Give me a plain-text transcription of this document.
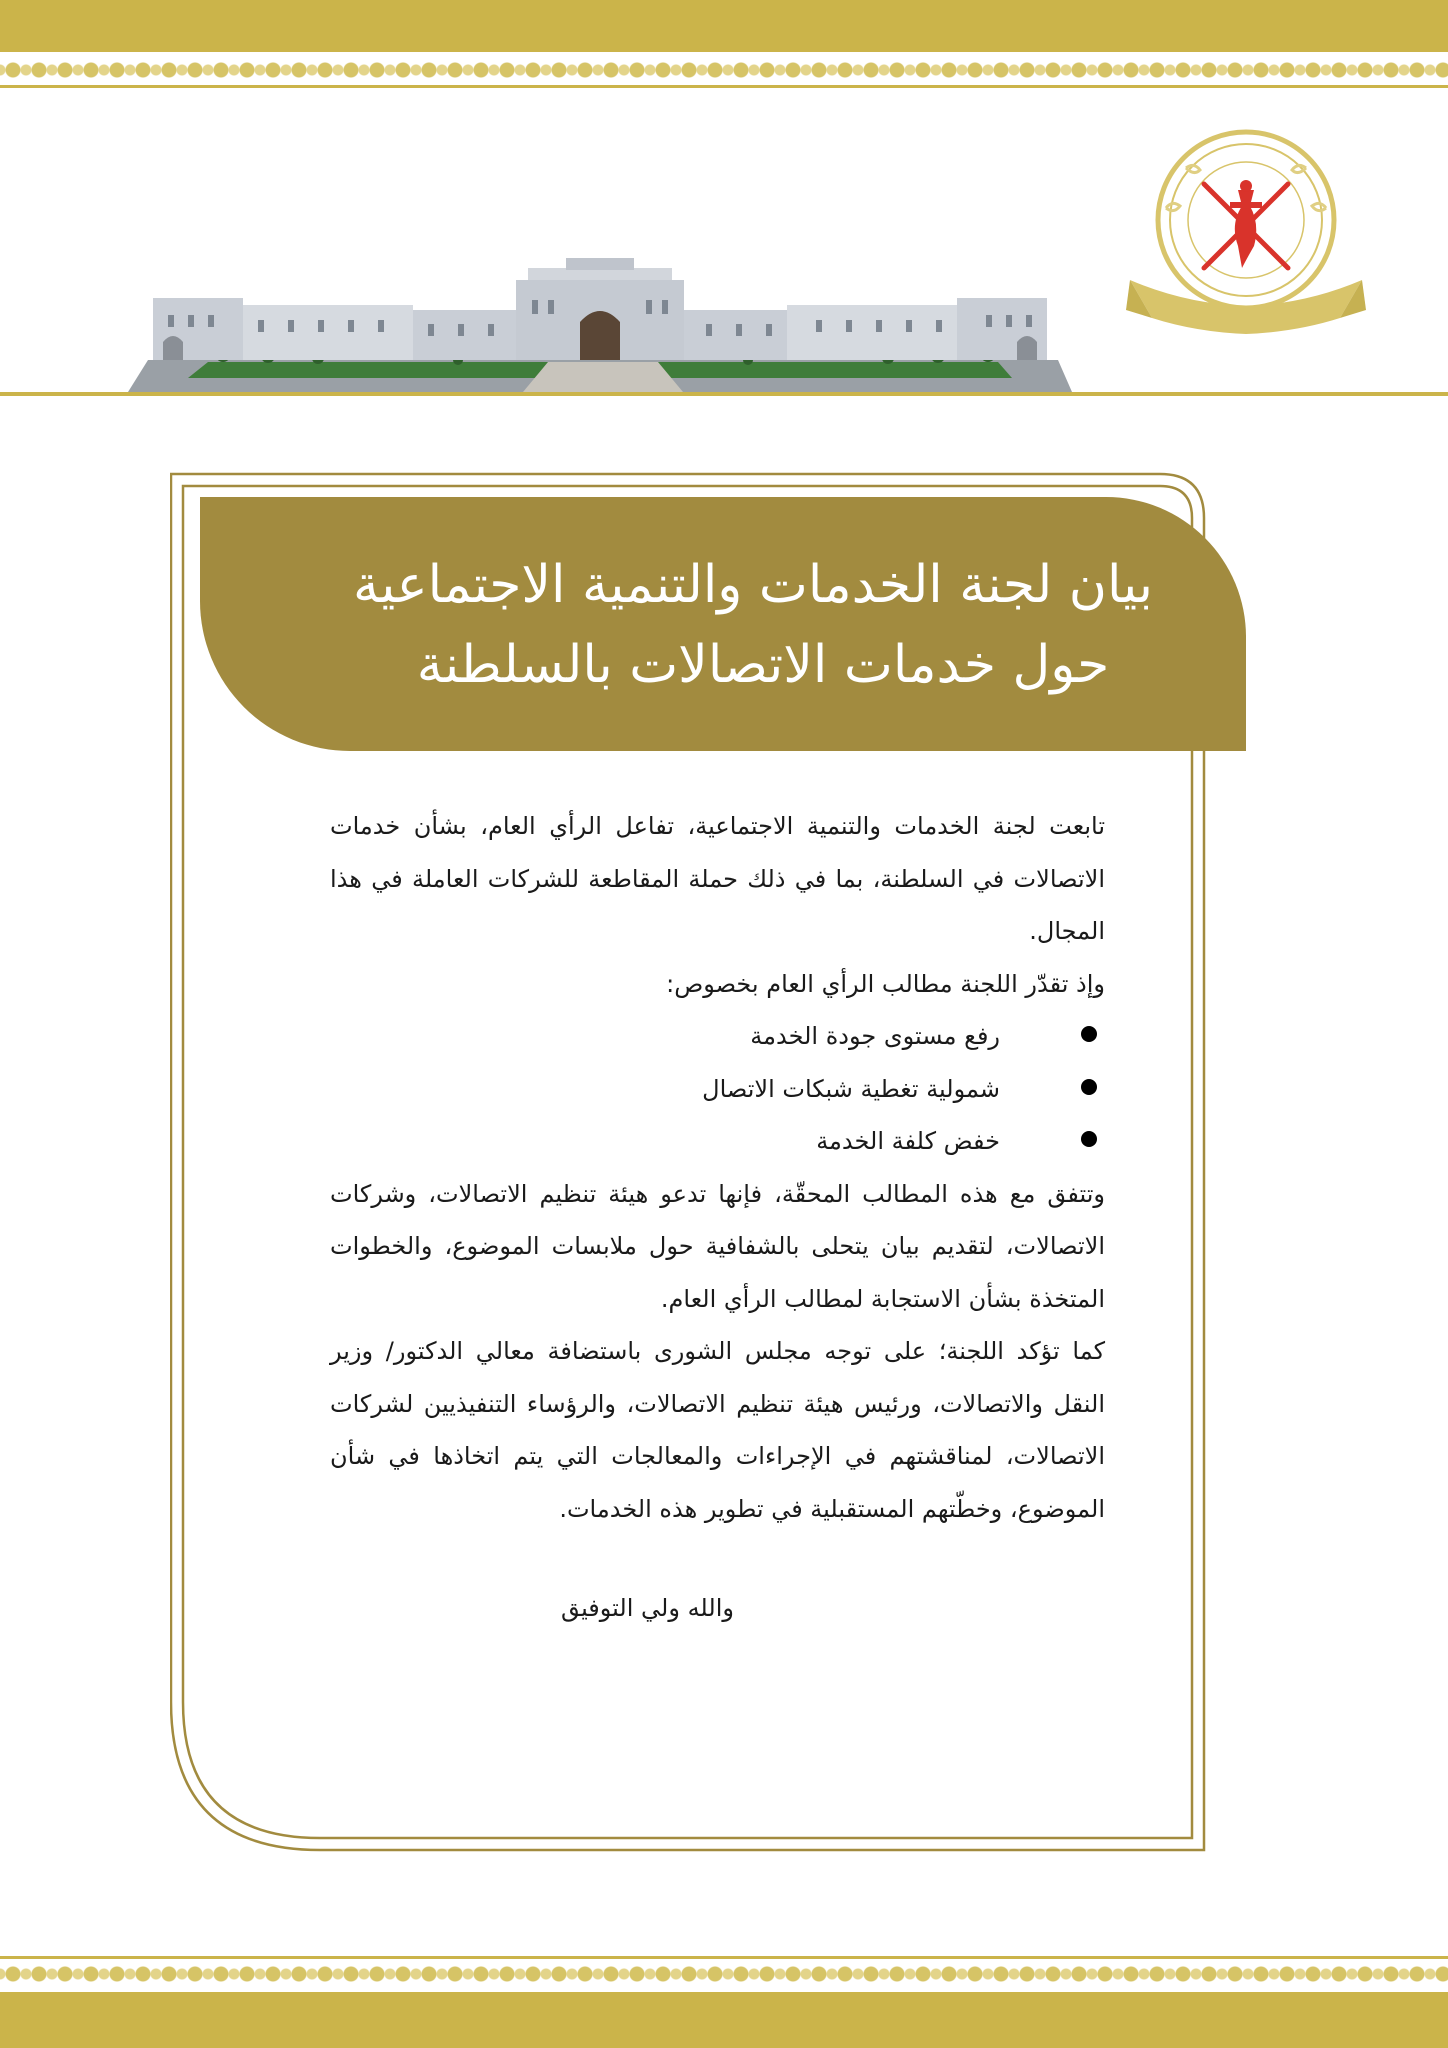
بيان لجنة الخدمات والتنمية الاجتماعية
حول خدمات الاتصالات بالسلطنة

تابعت لجنة الخدمات والتنمية الاجتماعية، تفاعل الرأي العام، بشأن خدمات الاتصالات في السلطنة، بما في ذلك حملة المقاطعة للشركات العاملة في هذا المجال.

وإذ تقدّر اللجنة مطالب الرأي العام بخصوص:

رفع مستوى جودة الخدمة
شمولية تغطية شبكات الاتصال
خفض كلفة الخدمة

وتتفق مع هذه المطالب المحقّة، فإنها تدعو هيئة تنظيم الاتصالات، وشركات الاتصالات، لتقديم بيان يتحلى بالشفافية حول ملابسات الموضوع، والخطوات المتخذة بشأن الاستجابة لمطالب الرأي العام.

كما تؤكد اللجنة؛ على توجه مجلس الشورى باستضافة معالي الدكتور/ وزير النقل والاتصالات، ورئيس هيئة تنظيم الاتصالات، والرؤساء التنفيذيين لشركات الاتصالات، لمناقشتهم في الإجراءات والمعالجات التي يتم اتخاذها في شأن الموضوع، وخطّتهم المستقبلية في تطوير هذه الخدمات.

والله ولي التوفيق
